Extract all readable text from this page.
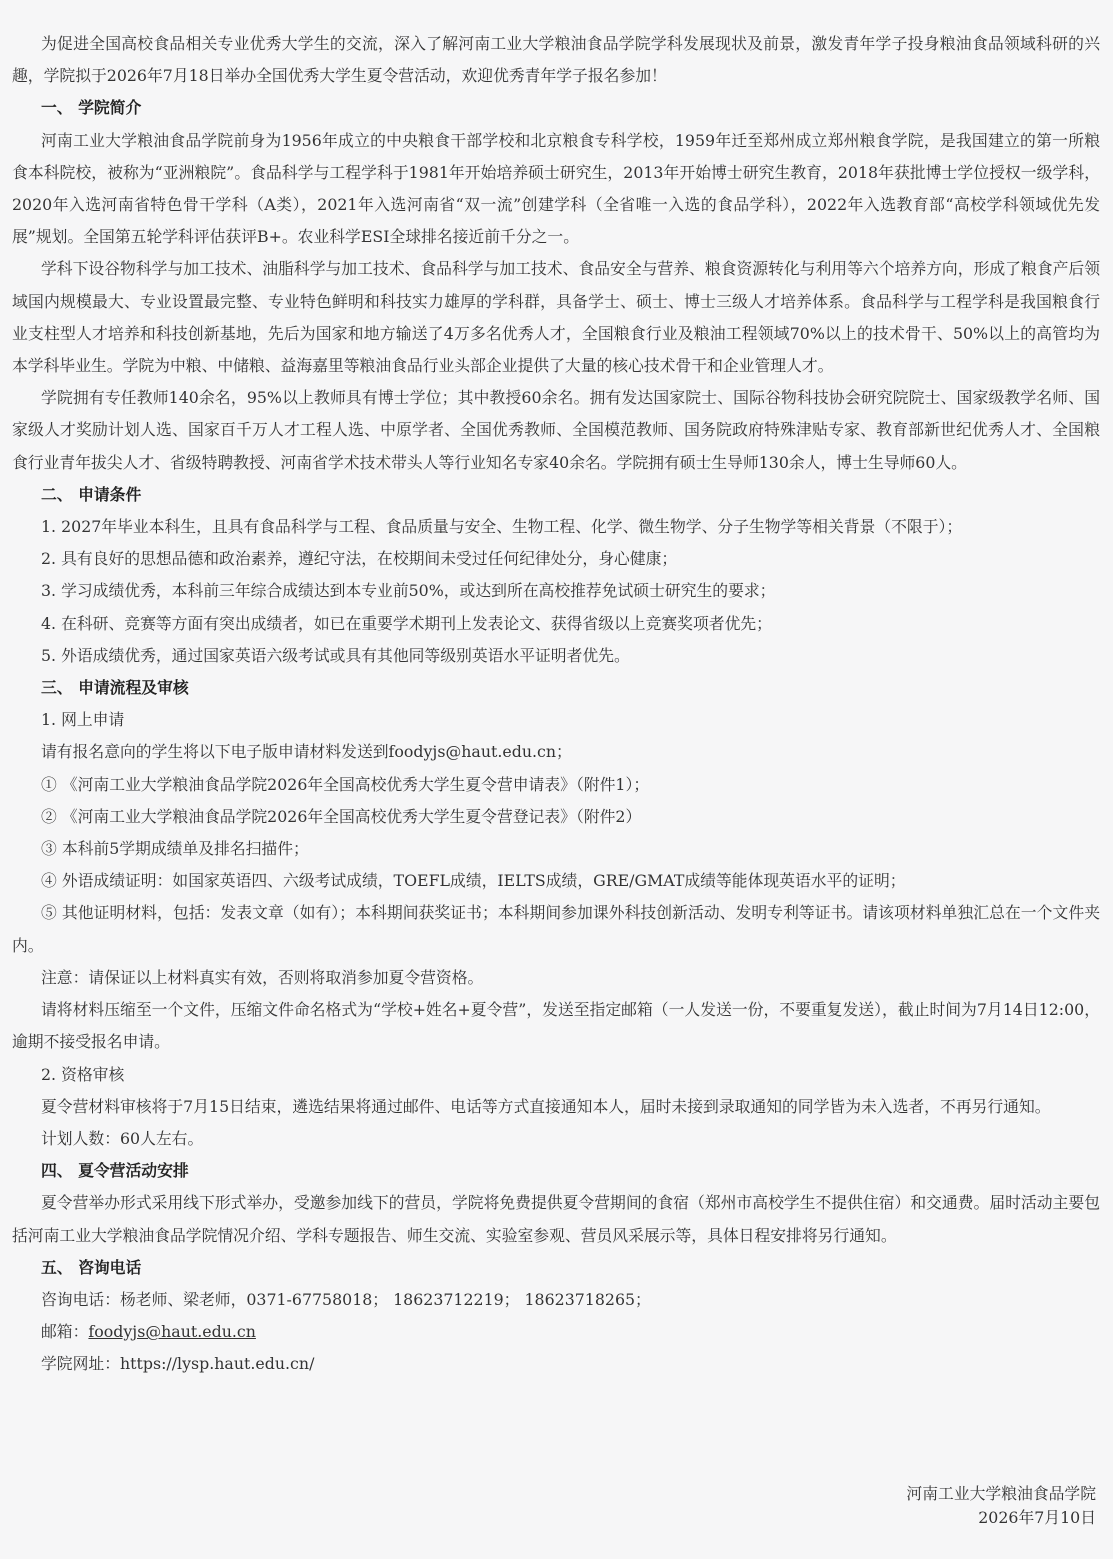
为促进全国高校食品相关专业优秀大学生的交流，深入了解河南工业大学粮油食品学院学科发展现状及前景，激发青年学子投身粮油食品领域科研的兴趣，学院拟于2026年7月18日举办全国优秀大学生夏令营活动，欢迎优秀青年学子报名参加！

一、 学院简介

河南工业大学粮油食品学院前身为1956年成立的中央粮食干部学校和北京粮食专科学校，1959年迁至郑州成立郑州粮食学院，是我国建立的第一所粮食本科院校，被称为“亚洲粮院”。食品科学与工程学科于1981年开始培养硕士研究生，2013年开始博士研究生教育，2018年获批博士学位授权一级学科，2020年入选河南省特色骨干学科（A类），2021年入选河南省“双一流”创建学科（全省唯一入选的食品学科），2022年入选教育部“高校学科领域优先发展”规划。全国第五轮学科评估获评B+。农业科学ESI全球排名接近前千分之一。

学科下设谷物科学与加工技术、油脂科学与加工技术、食品科学与加工技术、食品安全与营养、粮食资源转化与利用等六个培养方向，形成了粮食产后领域国内规模最大、专业设置最完整、专业特色鲜明和科技实力雄厚的学科群，具备学士、硕士、博士三级人才培养体系。食品科学与工程学科是我国粮食行业支柱型人才培养和科技创新基地，先后为国家和地方输送了4万多名优秀人才，全国粮食行业及粮油工程领域70%以上的技术骨干、50%以上的高管均为本学科毕业生。学院为中粮、中储粮、益海嘉里等粮油食品行业头部企业提供了大量的核心技术骨干和企业管理人才。

学院拥有专任教师140余名，95%以上教师具有博士学位；其中教授60余名。拥有发达国家院士、国际谷物科技协会研究院院士、国家级教学名师、国家级人才奖励计划人选、国家百千万人才工程人选、中原学者、全国优秀教师、全国模范教师、国务院政府特殊津贴专家、教育部新世纪优秀人才、全国粮食行业青年拔尖人才、省级特聘教授、河南省学术技术带头人等行业知名专家40余名。学院拥有硕士生导师130余人，博士生导师60人。

二、 申请条件

1. 2027年毕业本科生，且具有食品科学与工程、食品质量与安全、生物工程、化学、微生物学、分子生物学等相关背景（不限于）；

2. 具有良好的思想品德和政治素养，遵纪守法，在校期间未受过任何纪律处分，身心健康；

3. 学习成绩优秀，本科前三年综合成绩达到本专业前50%，或达到所在高校推荐免试硕士研究生的要求；

4. 在科研、竞赛等方面有突出成绩者，如已在重要学术期刊上发表论文、获得省级以上竞赛奖项者优先；

5. 外语成绩优秀，通过国家英语六级考试或具有其他同等级别英语水平证明者优先。

三、 申请流程及审核

1. 网上申请

请有报名意向的学生将以下电子版申请材料发送到foodyjs@haut.edu.cn；

① 《河南工业大学粮油食品学院2026年全国高校优秀大学生夏令营申请表》（附件1）；

② 《河南工业大学粮油食品学院2026年全国高校优秀大学生夏令营登记表》（附件2）

③ 本科前5学期成绩单及排名扫描件；

④ 外语成绩证明：如国家英语四、六级考试成绩，TOEFL成绩，IELTS成绩，GRE/GMAT成绩等能体现英语水平的证明；

⑤ 其他证明材料，包括：发表文章（如有）；本科期间获奖证书；本科期间参加课外科技创新活动、发明专利等证书。请该项材料单独汇总在一个文件夹内。

注意：请保证以上材料真实有效，否则将取消参加夏令营资格。

请将材料压缩至一个文件，压缩文件命名格式为“学校+姓名+夏令营”，发送至指定邮箱（一人发送一份，不要重复发送），截止时间为7月14日12:00，逾期不接受报名申请。

2. 资格审核

夏令营材料审核将于7月15日结束，遴选结果将通过邮件、电话等方式直接通知本人，届时未接到录取通知的同学皆为未入选者，不再另行通知。

计划人数：60人左右。

四、 夏令营活动安排

夏令营举办形式采用线下形式举办，受邀参加线下的营员，学院将免费提供夏令营期间的食宿（郑州市高校学生不提供住宿）和交通费。届时活动主要包括河南工业大学粮油食品学院情况介绍、学科专题报告、师生交流、实验室参观、营员风采展示等，具体日程安排将另行通知。

五、 咨询电话

咨询电话：杨老师、梁老师，0371-67758018； 18623712219； 18623718265；

邮箱：foodyjs@haut.edu.cn

学院网址：https://lysp.haut.edu.cn/

河南工业大学粮油食品学院
2026年7月10日
